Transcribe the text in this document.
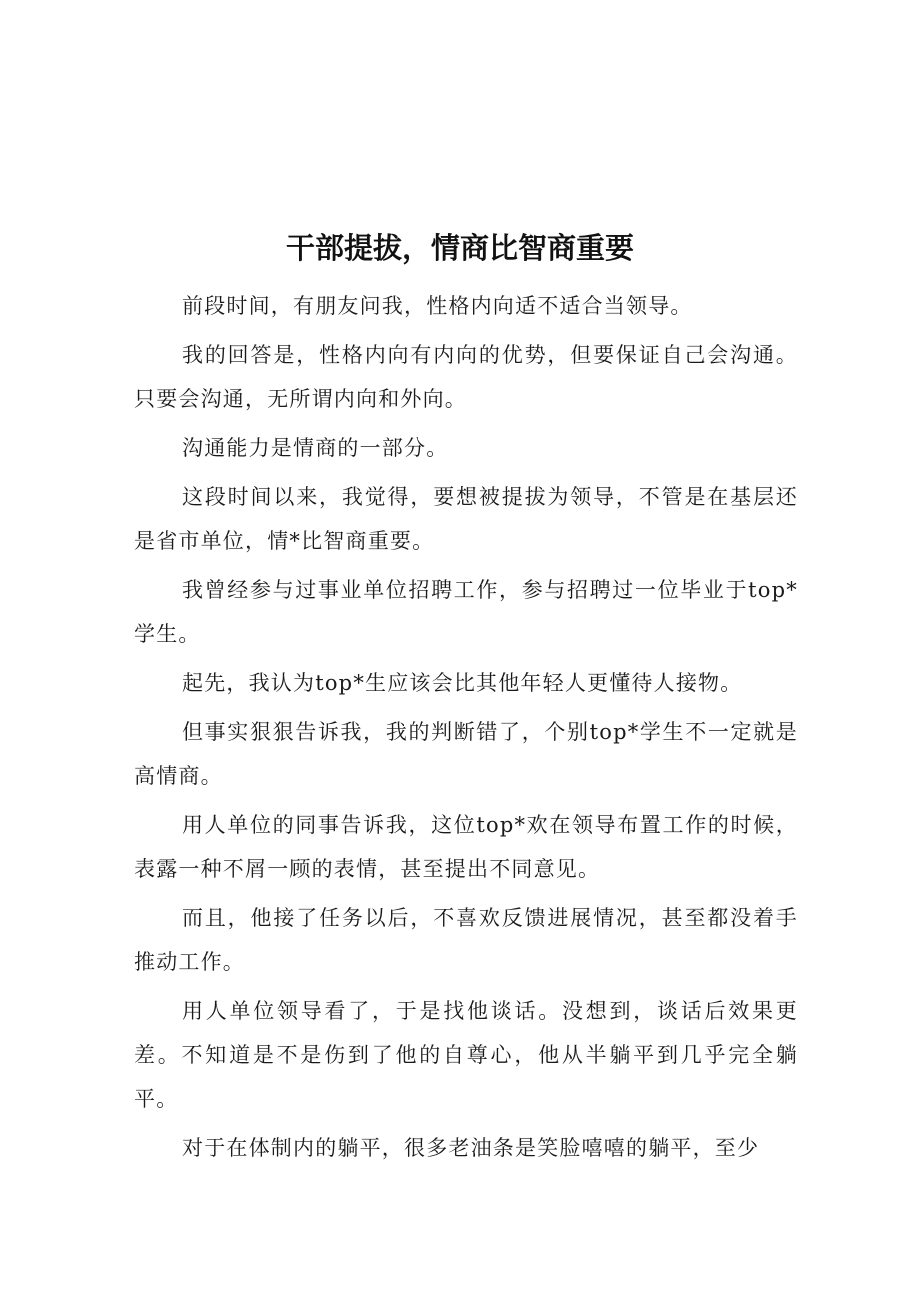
干部提拔，情商比智商重要

前段时间，有朋友问我，性格内向适不适合当领导。

我的回答是，性格内向有内向的优势，但要保证自己会沟通。只要会沟通，无所谓内向和外向。

沟通能力是情商的一部分。

这段时间以来，我觉得，要想被提拔为领导，不管是在基层还是省市单位，情*比智商重要。

我曾经参与过事业单位招聘工作，参与招聘过一位毕业于top*学生。

起先，我认为top*生应该会比其他年轻人更懂待人接物。

但事实狠狠告诉我，我的判断错了，个别top*学生不一定就是高情商。

用人单位的同事告诉我，这位top*欢在领导布置工作的时候，表露一种不屑一顾的表情，甚至提出不同意见。

而且，他接了任务以后，不喜欢反馈进展情况，甚至都没着手推动工作。

用人单位领导看了，于是找他谈话。没想到，谈话后效果更差。不知道是不是伤到了他的自尊心，他从半躺平到几乎完全躺平。

对于在体制内的躺平，很多老油条是笑脸嘻嘻的躺平，至少
